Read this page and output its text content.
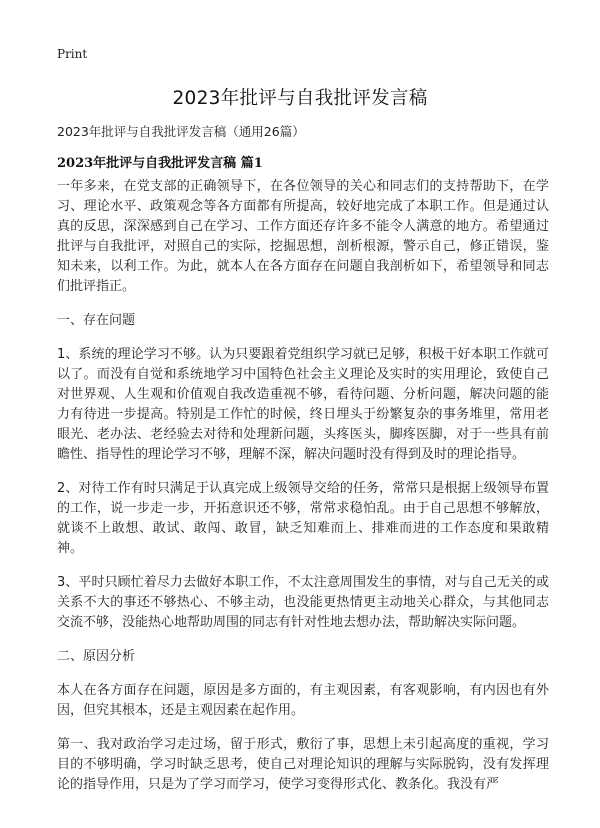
Print
2023年批评与自我批评发言稿
2023年批评与自我批评发言稿（通用26篇）
2023年批评与自我批评发言稿 篇1

一年多来，在党支部的正确领导下，在各位领导的关心和同志们的支持帮助下，在学习、理论水平、政策观念等各方面都有所提高，较好地完成了本职工作。但是通过认真的反思，深深感到自己在学习、工作方面还存许多不能令人满意的地方。希望通过批评与自我批评，对照自己的实际，挖掘思想，剖析根源，警示自己，修正错误，鉴知未来，以利工作。为此，就本人在各方面存在问题自我剖析如下，希望领导和同志们批评指正。

一、存在问题

1、系统的理论学习不够。认为只要跟着党组织学习就已足够，积极干好本职工作就可以了。而没有自觉和系统地学习中国特色社会主义理论及实时的实用理论，致使自己对世界观、人生观和价值观自我改造重视不够，看待问题、分析问题，解决问题的能力有待进一步提高。特别是工作忙的时候，终日埋头于纷繁复杂的事务堆里，常用老眼光、老办法、老经验去对待和处理新问题，头疼医头，脚疼医脚，对于一些具有前瞻性、指导性的理论学习不够，理解不深，解决问题时没有得到及时的理论指导。

2、对待工作有时只满足于认真完成上级领导交给的任务，常常只是根据上级领导布置的工作，说一步走一步，开拓意识还不够，常常求稳怕乱。由于自己思想不够解放，就谈不上敢想、敢试、敢闯、敢冒，缺乏知难而上、排难而进的工作态度和果敢精神。

3、平时只顾忙着尽力去做好本职工作，不太注意周围发生的事情，对与自己无关的或关系不大的事还不够热心、不够主动，也没能更热情更主动地关心群众，与其他同志交流不够，没能热心地帮助周围的同志有针对性地去想办法，帮助解决实际问题。

二、原因分析

本人在各方面存在问题，原因是多方面的，有主观因素，有客观影响，有内因也有外因，但究其根本，还是主观因素在起作用。

第一、我对政治学习走过场，留于形式，敷衍了事，思想上未引起高度的重视，学习目的不够明确，学习时缺乏思考，使自己对理论知识的理解与实际脱钩，没有发挥理论的指导作用，只是为了学习而学习，使学习变得形式化、教条化。我没有严
